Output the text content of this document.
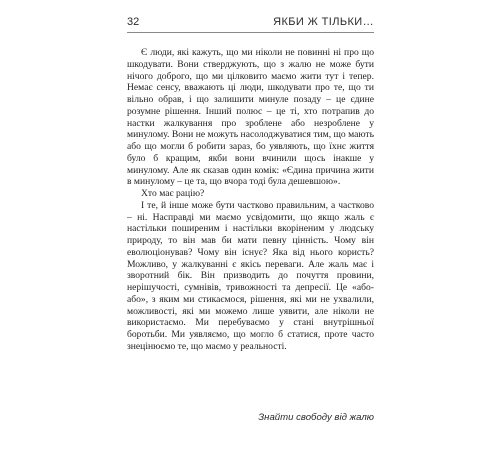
32	ЯКБИ Ж ТІЛЬКИ…

Є люди, які кажуть, що ми ніколи не повинні ні про що шкодувати. Вони стверджують, що з жалю не може бути нічого доброго, що ми цілковито маємо жити тут і тепер. Немає сенсу, вважають ці люди, шкодувати про те, що ти вільно обрав, і що залишити минуле позаду – це єдине розумне рішення. Інший полюс – це ті, хто потрапив до настки жалкування про зроблене або незроблене у минулому. Вони не можуть насолоджуватися тим, що мають або що могли б робити зараз, бо уявляють, що їхнє життя було б кращим, якби вони вчинили щось інакше у минулому. Але як сказав один комік: «Єдина причина жити в минулому – це та, що вчора тоді була дешевшою».

Хто має рацію?

І те, й інше може бути частково правильним, а частково – ні. Насправді ми маємо усвідомити, що якщо жаль є настільки поширеним і настільки вкоріненим у людську природу, то він мав би мати певну цінність. Чому він еволюціонував? Чому він існує? Яка від нього користь? Можливо, у жалкуванні є якісь переваги. Але жаль має і зворотний бік. Він призводить до почуття провини, нерішучості, сумнівів, тривожності та депресії. Це «або-або», з яким ми стикаємося, рішення, які ми не ухвалили, можливості, які ми можемо лише уявити, але ніколи не використаємо. Ми перебуваємо у стані внутрішньої боротьби. Ми уявляємо, що могло б статися, проте часто знецінюємо те, що маємо у реальності.

Знайти свободу від жалю
